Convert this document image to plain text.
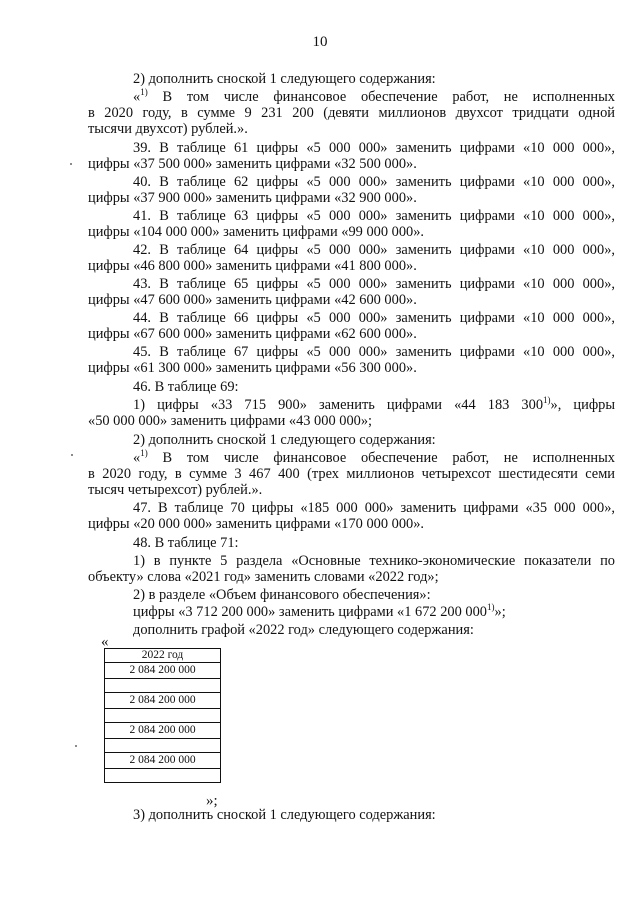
10
2) дополнить сноской 1 следующего содержания:
«$^{1)}$ В том числе финансовое обеспечение работ, не исполненных
в 2020 году, в сумме 9 231 200 (девяти миллионов двухсот тридцати одной
тысячи двухсот) рублей.».
39. В таблице 61 цифры «5 000 000» заменить цифрами «10 000 000»,
цифры «37 500 000» заменить цифрами «32 500 000».
40. В таблице 62 цифры «5 000 000» заменить цифрами «10 000 000»,
цифры «37 900 000» заменить цифрами «32 900 000».
41. В таблице 63 цифры «5 000 000» заменить цифрами «10 000 000»,
цифры «104 000 000» заменить цифрами «99 000 000».
42. В таблице 64 цифры «5 000 000» заменить цифрами «10 000 000»,
цифры «46 800 000» заменить цифрами «41 800 000».
43. В таблице 65 цифры «5 000 000» заменить цифрами «10 000 000»,
цифры «47 600 000» заменить цифрами «42 600 000».
44. В таблице 66 цифры «5 000 000» заменить цифрами «10 000 000»,
цифры «67 600 000» заменить цифрами «62 600 000».
45. В таблице 67 цифры «5 000 000» заменить цифрами «10 000 000»,
цифры «61 300 000» заменить цифрами «56 300 000».
46. В таблице 69:
1) цифры «33 715 900» заменить цифрами «44 183 300$^{1)}$», цифры
«50 000 000» заменить цифрами «43 000 000»;
2) дополнить сноской 1 следующего содержания:
«$^{1)}$ В том числе финансовое обеспечение работ, не исполненных
в 2020 году, в сумме 3 467 400 (трех миллионов четырехсот шестидесяти семи
тысяч четырехсот) рублей.».
47. В таблице 70 цифры «185 000 000» заменить цифрами «35 000 000»,
цифры «20 000 000» заменить цифрами «170 000 000».
48. В таблице 71:
1) в пункте 5 раздела «Основные технико-экономические показатели по
объекту» слова «2021 год» заменить словами «2022 год»;
2) в разделе «Объем финансового обеспечения»:
цифры «3 712 200 000» заменить цифрами «1 672 200 000$^{1)}$»;
дополнить графой «2022 год» следующего содержания:
«
2022 год
2 084 200 000

2 084 200 000

2 084 200 000

2 084 200 000

»;
3) дополнить сноской 1 следующего содержания:
